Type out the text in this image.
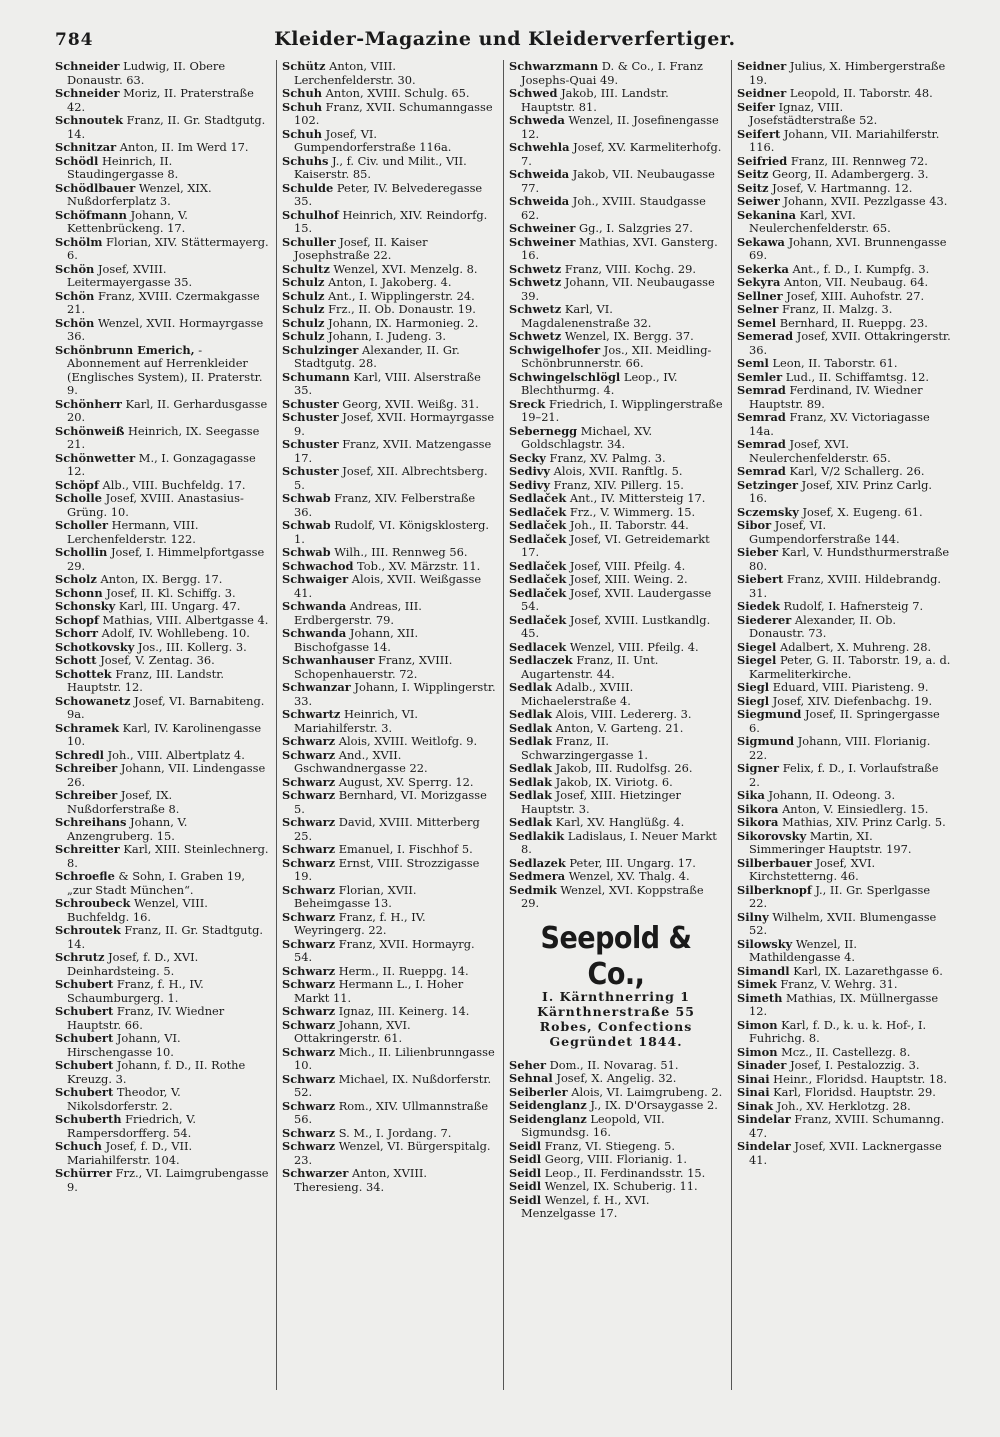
784	Kleider-Magazine und Kleiderverfertiger.

Schneider Ludwig, II. Obere Donaustr. 63.

Schneider Moriz, II. Praterstraße 42.

Schnoutek Franz, II. Gr. Stadtgutg. 14.

Schnitzar Anton, II. Im Werd 17.

Schödl Heinrich, II. Staudingergasse 8.

Schödlbauer Wenzel, XIX. Nußdorferplatz 3.

Schöfmann Johann, V. Kettenbrückeng. 17.

Schölm Florian, XIV. Stättermayerg. 6.

Schön Josef, XVIII. Leitermayergasse 35.

Schön Franz, XVIII. Czermakgasse 21.

Schön Wenzel, XVII. Hormayrgasse 36.

Schönbrunn Emerich, -Abonnement auf Herrenkleider (Englisches System), II. Praterstr. 9.

Schönherr Karl, II. Gerhardusgasse 20.

Schönweiß Heinrich, IX. Seegasse 21.

Schönwetter M., I. Gonzagagasse 12.

Schöpf Alb., VIII. Buchfeldg. 17.

Scholle Josef, XVIII. Anastasius-Grüng. 10.

Scholler Hermann, VIII. Lerchenfelderstr. 122.

Schollin Josef, I. Himmelpfortgasse 29.

Scholz Anton, IX. Bergg. 17.

Schonn Josef, II. Kl. Schiffg. 3.

Schonsky Karl, III. Ungarg. 47.

Schopf Mathias, VIII. Albertgasse 4.

Schorr Adolf, IV. Wohllebeng. 10.

Schotkovsky Jos., III. Kollerg. 3.

Schott Josef, V. Zentag. 36.

Schottek Franz, III. Landstr. Hauptstr. 12.

Schowanetz Josef, VI. Barnabiteng. 9a.

Schramek Karl, IV. Karolinengasse 10.

Schredl Joh., VIII. Albertplatz 4.

Schreiber Johann, VII. Lindengasse 26.

Schreiber Josef, IX. Nußdorferstraße 8.

Schreihans Johann, V. Anzengruberg. 15.

Schreitter Karl, XIII. Steinlechnerg. 8.

Schroefle & Sohn, I. Graben 19, „zur Stadt München“.

Schroubeck Wenzel, VIII. Buchfeldg. 16.

Schroutek Franz, II. Gr. Stadtgutg. 14.

Schrutz Josef, f. D., XVI. Deinhardsteing. 5.

Schubert Franz, f. H., IV. Schaumburgerg. 1.

Schubert Franz, IV. Wiedner Hauptstr. 66.

Schubert Johann, VI. Hirschengasse 10.

Schubert Johann, f. D., II. Rothe Kreuzg. 3.

Schubert Theodor, V. Nikolsdorferstr. 2.

Schuberth Friedrich, V. Rampersdorfferg. 54.

Schuch Josef, f. D., VII. Mariahilferstr. 104.

Schürrer Frz., VI. Laimgrubengasse 9.

Schütz Anton, VIII. Lerchenfelderstr. 30.

Schuh Anton, XVIII. Schulg. 65.

Schuh Franz, XVII. Schumanngasse 102.

Schuh Josef, VI. Gumpendorferstraße 116a.

Schuhs J., f. Civ. und Milit., VII. Kaiserstr. 85.

Schulde Peter, IV. Belvederegasse 35.

Schulhof Heinrich, XIV. Reindorfg. 15.

Schuller Josef, II. Kaiser Josephstraße 22.

Schultz Wenzel, XVI. Menzelg. 8.

Schulz Anton, I. Jakoberg. 4.

Schulz Ant., I. Wipplingerstr. 24.

Schulz Frz., II. Ob. Donaustr. 19.

Schulz Johann, IX. Harmonieg. 2.

Schulz Johann, I. Judeng. 3.

Schulzinger Alexander, II. Gr. Stadtgutg. 28.

Schumann Karl, VIII. Alserstraße 35.

Schuster Georg, XVII. Weißg. 31.

Schuster Josef, XVII. Hormayrgasse 9.

Schuster Franz, XVII. Matzengasse 17.

Schuster Josef, XII. Albrechtsberg. 5.

Schwab Franz, XIV. Felberstraße 36.

Schwab Rudolf, VI. Königsklosterg. 1.

Schwab Wilh., III. Rennweg 56.

Schwachod Tob., XV. Märzstr. 11.

Schwaiger Alois, XVII. Weißgasse 41.

Schwanda Andreas, III. Erdbergerstr. 79.

Schwanda Johann, XII. Bischofgasse 14.

Schwanhauser Franz, XVIII. Schopenhauerstr. 72.

Schwanzar Johann, I. Wipplingerstr. 33.

Schwartz Heinrich, VI. Mariahilferstr. 3.

Schwarz Alois, XVIII. Weitlofg. 9.

Schwarz And., XVII. Gschwandnergasse 22.

Schwarz August, XV. Sperrg. 12.

Schwarz Bernhard, VI. Morizgasse 5.

Schwarz David, XVIII. Mitterberg 25.

Schwarz Emanuel, I. Fischhof 5.

Schwarz Ernst, VIII. Strozzigasse 19.

Schwarz Florian, XVII. Beheimgasse 13.

Schwarz Franz, f. H., IV. Weyringerg. 22.

Schwarz Franz, XVII. Hormayrg. 54.

Schwarz Herm., II. Rueppg. 14.

Schwarz Hermann L., I. Hoher Markt 11.

Schwarz Ignaz, III. Keinerg. 14.

Schwarz Johann, XVI. Ottakringerstr. 61.

Schwarz Mich., II. Lilienbrunngasse 10.

Schwarz Michael, IX. Nußdorferstr. 52.

Schwarz Rom., XIV. Ullmannstraße 56.

Schwarz S. M., I. Jordang. 7.

Schwarz Wenzel, VI. Bürgerspitalg. 23.

Schwarzer Anton, XVIII. Theresieng. 34.

Schwarzmann D. & Co., I. Franz Josephs-Quai 49.

Schwed Jakob, III. Landstr. Hauptstr. 81.

Schweda Wenzel, II. Josefinengasse 12.

Schwehla Josef, XV. Karmeliterhofg. 7.

Schweida Jakob, VII. Neubaugasse 77.

Schweida Joh., XVIII. Staudgasse 62.

Schweiner Gg., I. Salzgries 27.

Schweiner Mathias, XVI. Gansterg. 16.

Schwetz Franz, VIII. Kochg. 29.

Schwetz Johann, VII. Neubaugasse 39.

Schwetz Karl, VI. Magdalenenstraße 32.

Schwetz Wenzel, IX. Bergg. 37.

Schwigelhofer Jos., XII. Meidling-Schönbrunnerstr. 66.

Schwingelschlögl Leop., IV. Blechthurmg. 4.

Sreck Friedrich, I. Wipplingerstraße 19–21.

Sebernegg Michael, XV. Goldschlagstr. 34.

Secky Franz, XV. Palmg. 3.

Sedivy Alois, XVII. Ranftlg. 5.

Sedivy Franz, XIV. Pillerg. 15.

Sedlaček Ant., IV. Mittersteig 17.

Sedlaček Frz., V. Wimmerg. 15.

Sedlaček Joh., II. Taborstr. 44.

Sedlaček Josef, VI. Getreidemarkt 17.

Sedlaček Josef, VIII. Pfeilg. 4.

Sedlaček Josef, XIII. Weing. 2.

Sedlaček Josef, XVII. Laudergasse 54.

Sedlaček Josef, XVIII. Lustkandlg. 45.

Sedlacek Wenzel, VIII. Pfeilg. 4.

Sedlaczek Franz, II. Unt. Augartenstr. 44.

Sedlak Adalb., XVIII. Michaelerstraße 4.

Sedlak Alois, VIII. Ledererg. 3.

Sedlak Anton, V. Garteng. 21.

Sedlak Franz, II. Schwarzingergasse 1.

Sedlak Jakob, III. Rudolfsg. 26.

Sedlak Jakob, IX. Viriotg. 6.

Sedlak Josef, XIII. Hietzinger Hauptstr. 3.

Sedlak Karl, XV. Hanglüßg. 4.

Sedlakik Ladislaus, I. Neuer Markt 8.

Sedlazek Peter, III. Ungarg. 17.

Sedmera Wenzel, XV. Thalg. 4.

Sedmik Wenzel, XVI. Koppstraße 29.

Seepold & Co.,
I. Kärnthnerring 1
Kärnthnerstraße 55
Robes, Confections
Gegründet 1844.

Seher Dom., II. Novarag. 51.

Sehnal Josef, X. Angelig. 32.

Seiberler Alois, VI. Laimgrubeng. 2.

Seidenglanz J., IX. D'Orsaygasse 2.

Seidenglanz Leopold, VII. Sigmundsg. 16.

Seidl Franz, VI. Stiegeng. 5.

Seidl Georg, VIII. Florianig. 1.

Seidl Leop., II. Ferdinandsstr. 15.

Seidl Wenzel, IX. Schuberig. 11.

Seidl Wenzel, f. H., XVI. Menzelgasse 17.

Seidner Julius, X. Himbergerstraße 19.

Seidner Leopold, II. Taborstr. 48.

Seifer Ignaz, VIII. Josefstädterstraße 52.

Seifert Johann, VII. Mariahilferstr. 116.

Seifried Franz, III. Rennweg 72.

Seitz Georg, II. Adambergerg. 3.

Seitz Josef, V. Hartmanng. 12.

Seiwer Johann, XVII. Pezzlgasse 43.

Sekanina Karl, XVI. Neulerchenfelderstr. 65.

Sekawa Johann, XVI. Brunnengasse 69.

Sekerka Ant., f. D., I. Kumpfg. 3.

Sekyra Anton, VII. Neubaug. 64.

Sellner Josef, XIII. Auhofstr. 27.

Selner Franz, II. Malzg. 3.

Semel Bernhard, II. Rueppg. 23.

Semerad Josef, XVII. Ottakringerstr. 36.

Seml Leon, II. Taborstr. 61.

Semler Lud., II. Schiffamtsg. 12.

Semrad Ferdinand, IV. Wiedner Hauptstr. 89.

Semrad Franz, XV. Victoriagasse 14a.

Semrad Josef, XVI. Neulerchenfelderstr. 65.

Semrad Karl, V/2 Schallerg. 26.

Setzinger Josef, XIV. Prinz Carlg. 16.

Sczemsky Josef, X. Eugeng. 61.

Sibor Josef, VI. Gumpendorferstraße 144.

Sieber Karl, V. Hundsthurmerstraße 80.

Siebert Franz, XVIII. Hildebrandg. 31.

Siedek Rudolf, I. Hafnersteig 7.

Siederer Alexander, II. Ob. Donaustr. 73.

Siegel Adalbert, X. Muhreng. 28.

Siegel Peter, G. II. Taborstr. 19, a. d. Karmeliterkirche.

Siegl Eduard, VIII. Piaristeng. 9.

Siegl Josef, XIV. Diefenbachg. 19.

Siegmund Josef, II. Springergasse 6.

Sigmund Johann, VIII. Florianig. 22.

Signer Felix, f. D., I. Vorlaufstraße 2.

Sika Johann, II. Odeong. 3.

Sikora Anton, V. Einsiedlerg. 15.

Sikora Mathias, XIV. Prinz Carlg. 5.

Sikorovsky Martin, XI. Simmeringer Hauptstr. 197.

Silberbauer Josef, XVI. Kirchstetterng. 46.

Silberknopf J., II. Gr. Sperlgasse 22.

Silny Wilhelm, XVII. Blumengasse 52.

Silowsky Wenzel, II. Mathildengasse 4.

Simandl Karl, IX. Lazarethgasse 6.

Simek Franz, V. Wehrg. 31.

Simeth Mathias, IX. Müllnergasse 12.

Simon Karl, f. D., k. u. k. Hof-, I. Fuhrichg. 8.

Simon Mcz., II. Castellezg. 8.

Sinader Josef, I. Pestalozzig. 3.

Sinai Heinr., Floridsd. Hauptstr. 18.

Sinai Karl, Floridsd. Hauptstr. 29.

Sinak Joh., XV. Herklotzg. 28.

Sindelar Franz, XVIII. Schumanng. 47.

Sindelar Josef, XVII. Lacknergasse 41.
